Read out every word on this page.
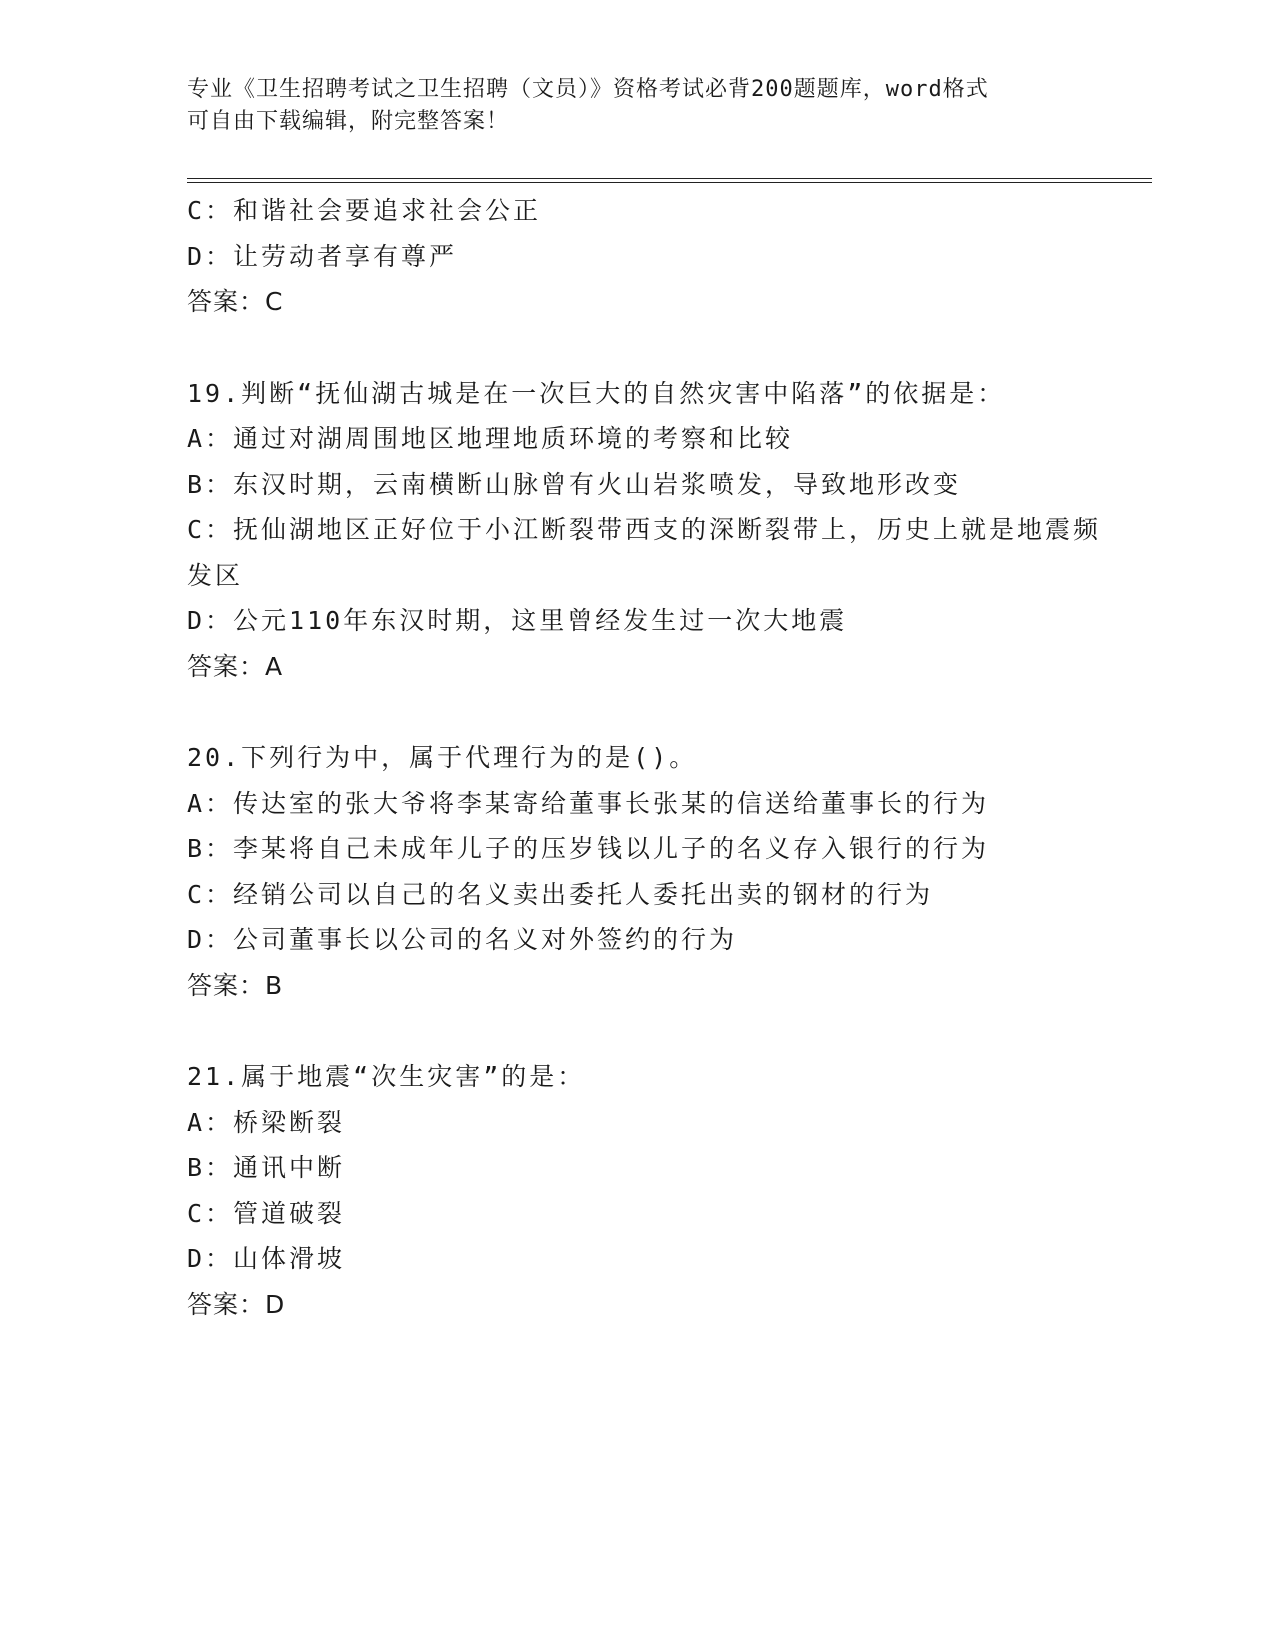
专业《卫生招聘考试之卫生招聘（文员）》资格考试必背200题题库，word格式
可自由下载编辑，附完整答案！
C：和谐社会要追求社会公正
D：让劳动者享有尊严
答案：C
19.判断“抚仙湖古城是在一次巨大的自然灾害中陷落”的依据是：
A：通过对湖周围地区地理地质环境的考察和比较
B：东汉时期，云南横断山脉曾有火山岩浆喷发，导致地形改变
C：抚仙湖地区正好位于小江断裂带西支的深断裂带上，历史上就是地震频发区
D：公元110年东汉时期，这里曾经发生过一次大地震
答案：A
20.下列行为中，属于代理行为的是()。
A：传达室的张大爷将李某寄给董事长张某的信送给董事长的行为
B：李某将自己未成年儿子的压岁钱以儿子的名义存入银行的行为
C：经销公司以自己的名义卖出委托人委托出卖的钢材的行为
D：公司董事长以公司的名义对外签约的行为
答案：B
21.属于地震“次生灾害”的是：
A：桥梁断裂
B：通讯中断
C：管道破裂
D：山体滑坡
答案：D
